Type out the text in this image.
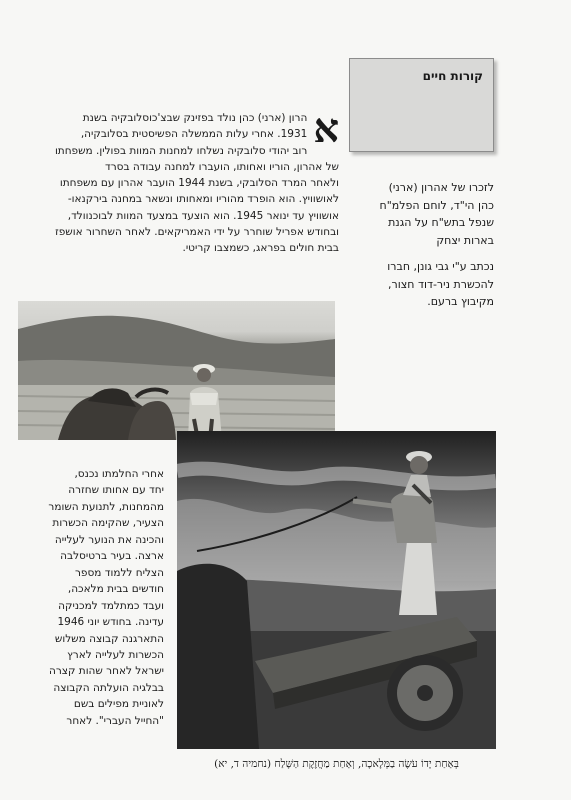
קורות חיים
א
הרון (ארני) כהן נולד בפזינק שבצ'כוסלובקיה בשנת
1931. אחרי עלות הממשלה הפשיסטית בסלובקיה,
רוב יהודי סלובקיה נשלחו למחנות המוות בפולין. משפחתו
של אהרון, הוריו ואחותו, הועברו למחנה עבודה בסרד
ולאחר המרד הסלובקי, בשנת 1944 הועבר אהרון עם משפחתו
לאושוויץ. הוא הופרד מהוריו ומאחותו ונשאר במחנה בירקנאו-
אושוויץ עד ינואר 1945. הוא הוצעד במצעד המוות לבוכנוולד,
ובחודש אפריל שוחרר על ידי האמריקאים. לאחר השחרור אושפז
בבית חולים בפראג, כשמצבו קריטי.
לזכרו של אהרון (ארני)
כהן הי"ד, לוחם הפלמ"ח
שנפל בתש"ח על הגנת
בארות יצחק
נכתב ע"י גבי גונן, חברו
להכשרת ניר-דוד חצור,
מקיבוץ ברעם.
אחרי החלמתו נכנס,
יחד עם אחותו שחזרה
מהמחנות, לתנועת השומר
הצעיר, שהקימה הכשרות
והכינה את הנוער לעלייה
ארצה. בעיר ברטיסלבה
הצליח ללמוד מספר
חודשים בבית מלאכה,
ועבד כמתלמד למכניקה
עדינה. בחודש יוני 1946
התארגנה קבוצה משלוש
הכשרות לעלייה לארץ
ישראל לאחר שהות קצרה
בבלגיה הועלתה הקבוצה
לאוניית מפילים בשם
"החייל העברי". לאחר
בְּאַחַת יָדוֹ עֹשֶׂה בַמְּלָאכָה, וְאַחַת מַחֲזֶקֶת הַשָּׁלַח (נחמיה ד, יא)
